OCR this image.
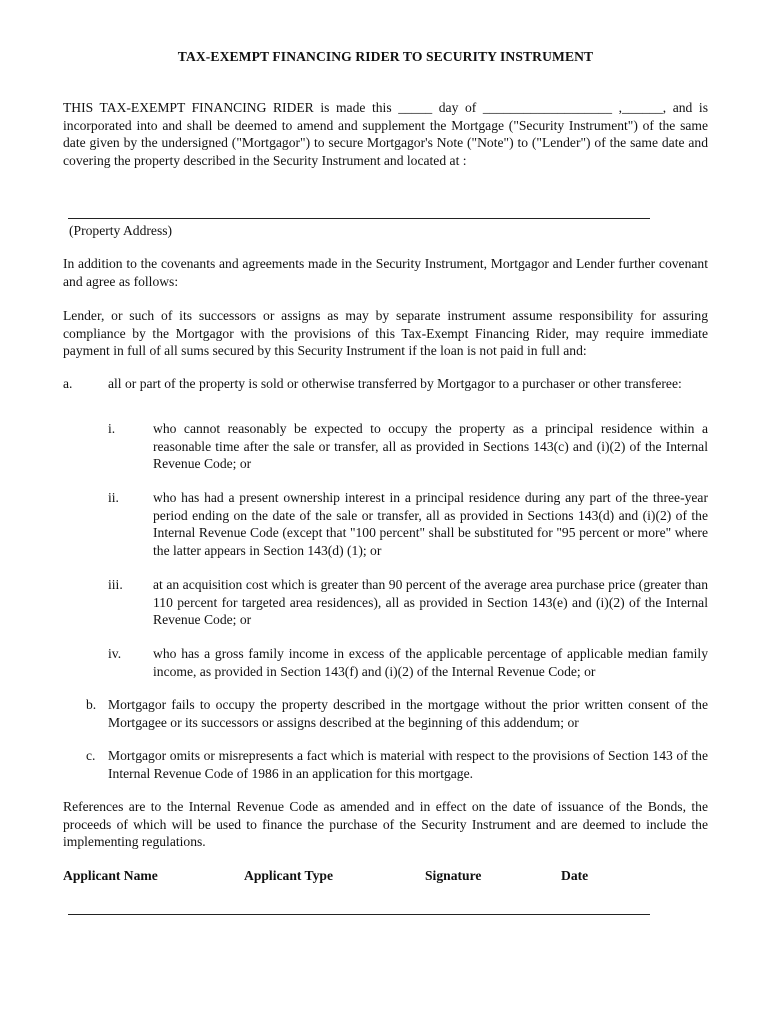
TAX-EXEMPT FINANCING RIDER TO SECURITY INSTRUMENT

THIS TAX-EXEMPT FINANCING RIDER is made this _____ day of ___________________ ,______, and is incorporated into and shall be deemed to amend and supplement the Mortgage ("Security Instrument") of the same date given by the undersigned ("Mortgagor") to secure Mortgagor's Note ("Note") to ("Lender") of the same date and covering the property described in the Security Instrument and located at :

(Property Address)

In addition to the covenants and agreements made in the Security Instrument, Mortgagor and Lender further covenant and agree as follows:

Lender, or such of its successors or assigns as may by separate instrument assume responsibility for assuring compliance by the Mortgagor with the provisions of this Tax-Exempt Financing Rider, may require immediate payment in full of all sums secured by this Security Instrument if the loan is not paid in full and:

a.	all or part of the property is sold or otherwise transferred by Mortgagor to a purchaser or other transferee:
i.	who cannot reasonably be expected to occupy the property as a principal residence within a reasonable time after the sale or transfer, all as provided in Sections 143(c) and (i)(2) of the Internal Revenue Code; or
ii.	who has had a present ownership interest in a principal residence during any part of the three-year period ending on the date of the sale or transfer, all as provided in Sections 143(d) and (i)(2) of the Internal Revenue Code (except that "100 percent" shall be substituted for "95 percent or more" where the latter appears in Section 143(d) (1); or
iii. at an acquisition cost which is greater than 90 percent of the average area purchase price (greater than 110 percent for targeted area residences), all as provided in Section 143(e) and (i)(2) of the Internal Revenue Code; or
iv. who has a gross family income in excess of the applicable percentage of applicable median family income, as provided in Section 143(f) and (i)(2) of the Internal Revenue Code; or
b. Mortgagor fails to occupy the property described in the mortgage without the prior written consent of the Mortgagee or its successors or assigns described at the beginning of this addendum; or
c. Mortgagor omits or misrepresents a fact which is material with respect to the provisions of Section 143 of the Internal Revenue Code of 1986 in an application for this mortgage.

References are to the Internal Revenue Code as amended and in effect on the date of issuance of the Bonds, the proceeds of which will be used to finance the purchase of the Security Instrument and are deemed to include the implementing regulations.

Applicant Name	Applicant Type	Signature	Date
